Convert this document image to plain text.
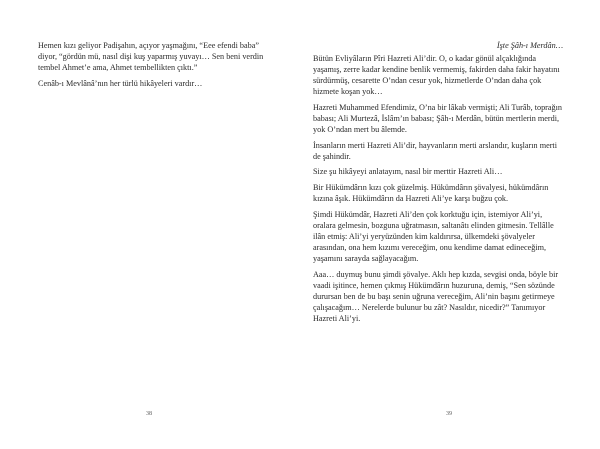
Hemen kızı geliyor Padişahın, açıyor yaşmağını, “Eee efendi baba” diyor, “gördün mü, nasıl dişi kuş yaparmış yuvayı… Sen beni verdin tembel Ahmet’e ama, Ahmet tembellikten çıktı.”

Cenâb-ı Mevlânâ’nın her türlü hikâyeleri vardır…

38

İşte Şâh-ı Merdân…

Bütün Evliyâların Pîri Hazreti Ali’dir. O, o kadar gönül alçaklığında yaşamış, zerre kadar kendine benlik vermemiş, fakirden daha fakir hayatını sürdürmüş, cesarette O’ndan cesur yok, hizmetlerde O’ndan daha çok hizmete koşan yok…

Hazreti Muhammed Efendimiz, O’na bir lâkab vermişti; Ali Turâb, toprağın babası; Ali Murtezâ, İslâm’ın babası; Şâh-ı Merdân, bütün mertlerin merdi, yok O’ndan mert bu âlemde.

İnsanların merti Hazreti Ali’dir, hayvanların merti arslandır, kuşların merti de şahindir.

Size şu hikâyeyi anlatayım, nasıl bir merttir Hazreti Ali…

Bir Hükümdârın kızı çok güzelmiş. Hükümdârın şövalyesi, hükümdârın kızına âşık. Hükümdârın da Hazreti Ali’ye karşı buğzu çok.

Şimdi Hükümdâr, Hazreti Ali’den çok korktuğu için, istemiyor Ali’yi, oralara gelmesin, bozguna uğratmasın, saltanâtı elinden gitmesin. Tellâlle ilân etmiş: Ali’yi yeryüzünden kim kaldırırsa, ülkemdeki şövalyeler arasından, ona hem kızımı vereceğim, onu kendime damat edineceğim, yaşamını sarayda sağlayacağım.

Aaa… duymuş bunu şimdi şövalye. Aklı hep kızda, sevgisi onda, böyle bir vaadi işitince, hemen çıkmış Hükümdârın huzuruna, demiş, “Sen sözünde durursan ben de bu başı senin uğruna vereceğim, Ali’nin başını getirmeye çalışacağım… Nerelerde bulunur bu zât? Nasıldır, nicedir?” Tanımıyor Hazreti Ali’yi.

39
